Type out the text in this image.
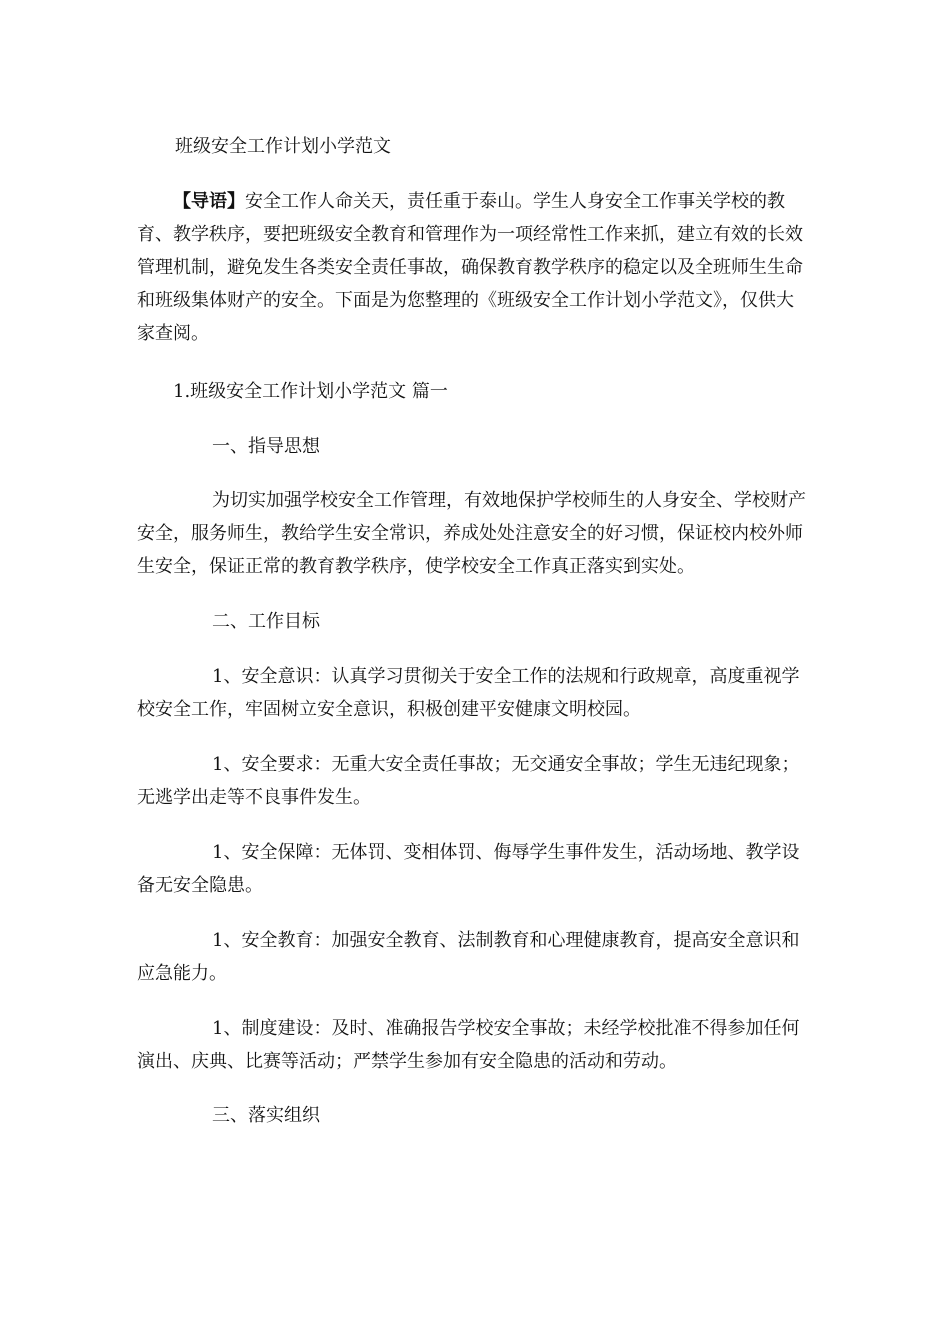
班级安全工作计划小学范文

【导语】安全工作人命关天，责任重于泰山。学生人身安全工作事关学校的教育、教学秩序，要把班级安全教育和管理作为一项经常性工作来抓，建立有效的长效管理机制，避免发生各类安全责任事故，确保教育教学秩序的稳定以及全班师生生命和班级集体财产的安全。下面是为您整理的《班级安全工作计划小学范文》，仅供大家查阅。

1.班级安全工作计划小学范文 篇一
一、指导思想

为切实加强学校安全工作管理，有效地保护学校师生的人身安全、学校财产安全，服务师生，教给学生安全常识，养成处处注意安全的好习惯，保证校内校外师生安全，保证正常的教育教学秩序，使学校安全工作真正落实到实处。

二、工作目标

1、安全意识：认真学习贯彻关于安全工作的法规和行政规章，高度重视学校安全工作，牢固树立安全意识，积极创建平安健康文明校园。

1、安全要求：无重大安全责任事故；无交通安全事故；学生无违纪现象；无逃学出走等不良事件发生。

1、安全保障：无体罚、变相体罚、侮辱学生事件发生，活动场地、教学设备无安全隐患。

1、安全教育：加强安全教育、法制教育和心理健康教育，提高安全意识和应急能力。

1、制度建设：及时、准确报告学校安全事故；未经学校批准不得参加任何演出、庆典、比赛等活动；严禁学生参加有安全隐患的活动和劳动。

三、落实组织
